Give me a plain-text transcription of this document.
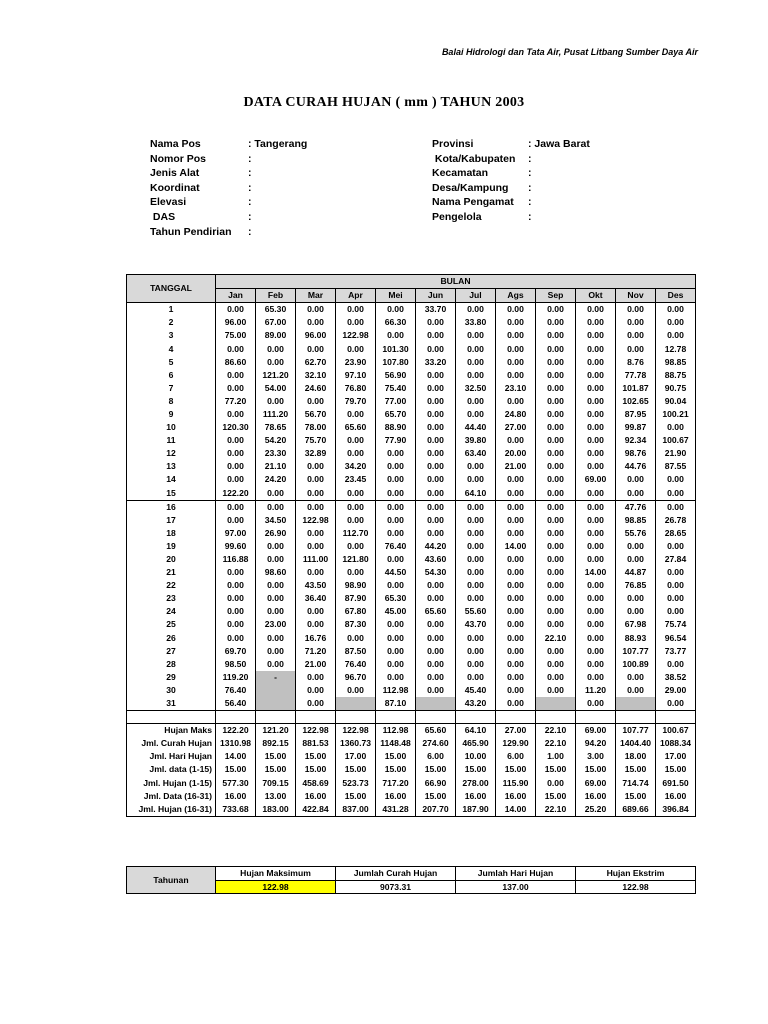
Balai Hidrologi dan Tata Air, Pusat Litbang Sumber Daya Air
DATA CURAH HUJAN ( mm ) TAHUN 2003
Nama Pos	: Tangerang
Nomor Pos	:
Jenis Alat	:
Koordinat	:
Elevasi	:
DAS	:
Tahun Pendirian :
Provinsi	: Jawa Barat
Kota/Kabupaten :
Kecamatan	:
Desa/Kampung :
Nama Pengamat :
Pengelola	:
TANGGAL	BULAN											
	Jan	Feb	Mar	Apr	Mei	Jun	Jul	Ags	Sep	Okt	Nov	Des
1	0.00	65.30	0.00	0.00	0.00	33.70	0.00	0.00	0.00	0.00	0.00	0.00
2	96.00	67.00	0.00	0.00	66.30	0.00	33.80	0.00	0.00	0.00	0.00	0.00
3	75.00	89.00	96.00	122.98	0.00	0.00	0.00	0.00	0.00	0.00	0.00	0.00
4	0.00	0.00	0.00	0.00	101.30	0.00	0.00	0.00	0.00	0.00	0.00	12.78
5	86.60	0.00	62.70	23.90	107.80	33.20	0.00	0.00	0.00	0.00	8.76	98.85
6	0.00	121.20	32.10	97.10	56.90	0.00	0.00	0.00	0.00	0.00	77.78	88.75
7	0.00	54.00	24.60	76.80	75.40	0.00	32.50	23.10	0.00	0.00	101.87	90.75
8	77.20	0.00	0.00	79.70	77.00	0.00	0.00	0.00	0.00	0.00	102.65	90.04
9	0.00	111.20	56.70	0.00	65.70	0.00	0.00	24.80	0.00	0.00	87.95	100.21
10	120.30	78.65	78.00	65.60	88.90	0.00	44.40	27.00	0.00	0.00	99.87	0.00
11	0.00	54.20	75.70	0.00	77.90	0.00	39.80	0.00	0.00	0.00	92.34	100.67
12	0.00	23.30	32.89	0.00	0.00	0.00	63.40	20.00	0.00	0.00	98.76	21.90
13	0.00	21.10	0.00	34.20	0.00	0.00	0.00	21.00	0.00	0.00	44.76	87.55
14	0.00	24.20	0.00	23.45	0.00	0.00	0.00	0.00	0.00	69.00	0.00	0.00
15	122.20	0.00	0.00	0.00	0.00	0.00	64.10	0.00	0.00	0.00	0.00	0.00
16	0.00	0.00	0.00	0.00	0.00	0.00	0.00	0.00	0.00	0.00	47.76	0.00
17	0.00	34.50	122.98	0.00	0.00	0.00	0.00	0.00	0.00	0.00	98.85	26.78
18	97.00	26.90	0.00	112.70	0.00	0.00	0.00	0.00	0.00	0.00	55.76	28.65
19	99.60	0.00	0.00	0.00	76.40	44.20	0.00	14.00	0.00	0.00	0.00	0.00
20	116.88	0.00	111.00	121.80	0.00	43.60	0.00	0.00	0.00	0.00	0.00	27.84
21	0.00	98.60	0.00	0.00	44.50	54.30	0.00	0.00	0.00	14.00	44.87	0.00
22	0.00	0.00	43.50	98.90	0.00	0.00	0.00	0.00	0.00	0.00	76.85	0.00
23	0.00	0.00	36.40	87.90	65.30	0.00	0.00	0.00	0.00	0.00	0.00	0.00
24	0.00	0.00	0.00	67.80	45.00	65.60	55.60	0.00	0.00	0.00	0.00	0.00
25	0.00	23.00	0.00	87.30	0.00	0.00	43.70	0.00	0.00	0.00	67.98	75.74
26	0.00	0.00	16.76	0.00	0.00	0.00	0.00	0.00	22.10	0.00	88.93	96.54
27	69.70	0.00	71.20	87.50	0.00	0.00	0.00	0.00	0.00	0.00	107.77	73.77
28	98.50	0.00	21.00	76.40	0.00	0.00	0.00	0.00	0.00	0.00	100.89	0.00
29	119.20	-	0.00	96.70	0.00	0.00	0.00	0.00	0.00	0.00	0.00	38.52
30	76.40		0.00	0.00	112.98	0.00	45.40	0.00	0.00	11.20	0.00	29.00
31	56.40		0.00		87.10		43.20	0.00		0.00		0.00

Hujan Maks	122.20	121.20	122.98	122.98	112.98	65.60	64.10	27.00	22.10	69.00	107.77	100.67
Jml. Curah Hujan	1310.98	892.15	881.53	1360.73	1148.48	274.60	465.90	129.90	22.10	94.20	1404.40	1088.34
Jml. Hari Hujan	14.00	15.00	15.00	17.00	15.00	6.00	10.00	6.00	1.00	3.00	18.00	17.00
Jml. data (1-15)	15.00	15.00	15.00	15.00	15.00	15.00	15.00	15.00	15.00	15.00	15.00	15.00
Jml. Hujan (1-15)	577.30	709.15	458.69	523.73	717.20	66.90	278.00	115.90	0.00	69.00	714.74	691.50
Jml. Data (16-31)	16.00	13.00	16.00	15.00	16.00	15.00	16.00	16.00	15.00	16.00	15.00	16.00
Jml. Hujan (16-31)	733.68	183.00	422.84	837.00	431.28	207.70	187.90	14.00	22.10	25.20	689.66	396.84
Tahunan	Hujan Maksimum	Jumlah Curah Hujan	Jumlah Hari Hujan	Hujan Ekstrim
	122.98	9073.31	137.00	122.98
